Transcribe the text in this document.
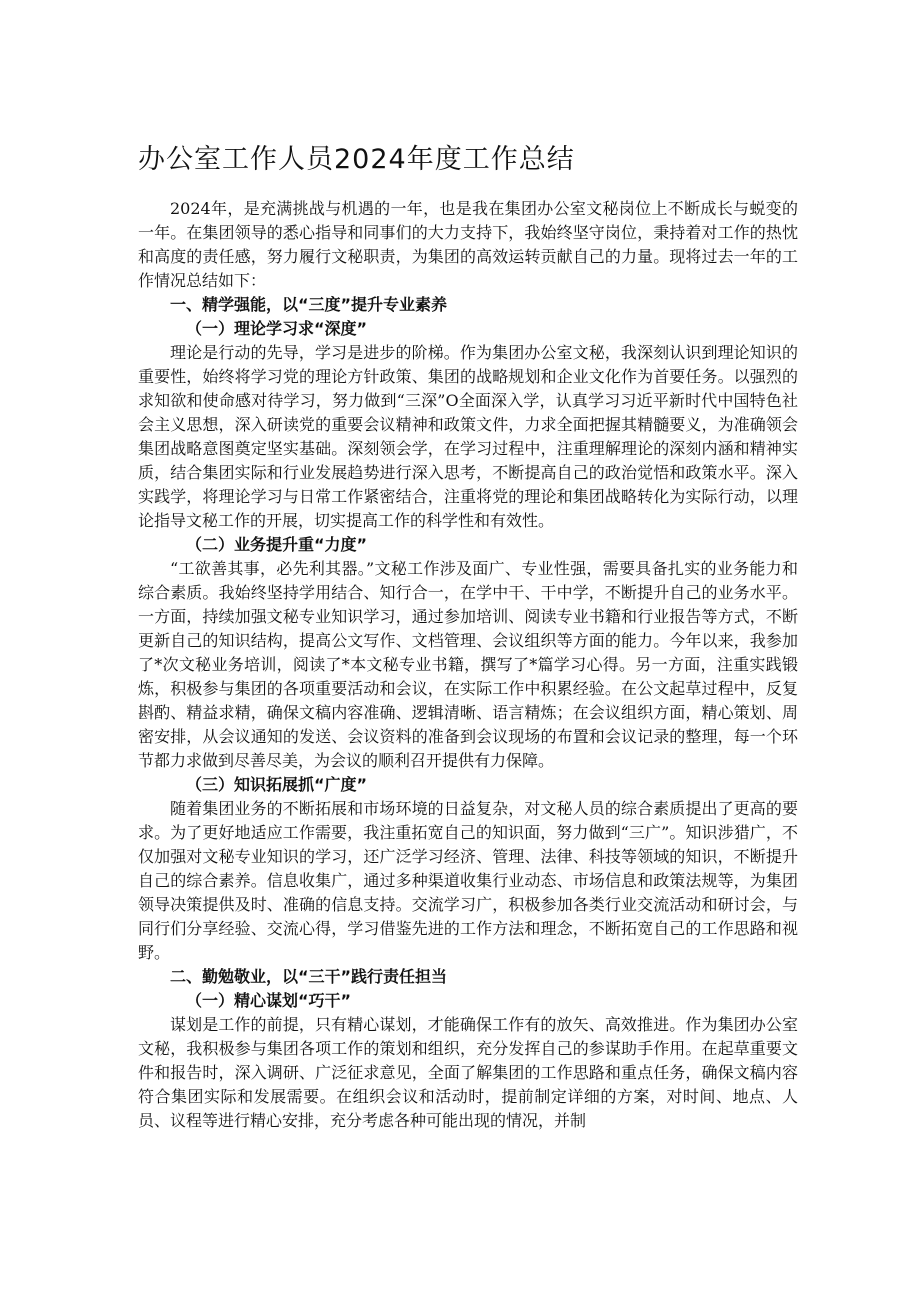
办公室工作人员2024年度工作总结

2024年，是充满挑战与机遇的一年，也是我在集团办公室文秘岗位上不断成长与蜕变的一年。在集团领导的悉心指导和同事们的大力支持下，我始终坚守岗位，秉持着对工作的热忱和高度的责任感，努力履行文秘职责，为集团的高效运转贡献自己的力量。现将过去一年的工作情况总结如下：

一、精学强能，以“三度”提升专业素养
（一）理论学习求“深度”

理论是行动的先导，学习是进步的阶梯。作为集团办公室文秘，我深刻认识到理论知识的重要性，始终将学习党的理论方针政策、集团的战略规划和企业文化作为首要任务。以强烈的求知欲和使命感对待学习，努力做到“三深”O全面深入学，认真学习习近平新时代中国特色社会主义思想，深入研读党的重要会议精神和政策文件，力求全面把握其精髓要义，为准确领会集团战略意图奠定坚实基础。深刻领会学，在学习过程中，注重理解理论的深刻内涵和精神实质，结合集团实际和行业发展趋势进行深入思考，不断提高自己的政治觉悟和政策水平。深入实践学，将理论学习与日常工作紧密结合，注重将党的理论和集团战略转化为实际行动，以理论指导文秘工作的开展，切实提高工作的科学性和有效性。

（二）业务提升重“力度”

“工欲善其事，必先利其器。”文秘工作涉及面广、专业性强，需要具备扎实的业务能力和综合素质。我始终坚持学用结合、知行合一，在学中干、干中学，不断提升自己的业务水平。一方面，持续加强文秘专业知识学习，通过参加培训、阅读专业书籍和行业报告等方式，不断更新自己的知识结构，提高公文写作、文档管理、会议组织等方面的能力。今年以来，我参加了*次文秘业务培训，阅读了*本文秘专业书籍，撰写了*篇学习心得。另一方面，注重实践锻炼，积极参与集团的各项重要活动和会议，在实际工作中积累经验。在公文起草过程中，反复斟酌、精益求精，确保文稿内容准确、逻辑清晰、语言精炼；在会议组织方面，精心策划、周密安排，从会议通知的发送、会议资料的准备到会议现场的布置和会议记录的整理，每一个环节都力求做到尽善尽美，为会议的顺利召开提供有力保障。

（三）知识拓展抓“广度”

随着集团业务的不断拓展和市场环境的日益复杂，对文秘人员的综合素质提出了更高的要求。为了更好地适应工作需要，我注重拓宽自己的知识面，努力做到“三广”。知识涉猎广，不仅加强对文秘专业知识的学习，还广泛学习经济、管理、法律、科技等领域的知识，不断提升自己的综合素养。信息收集广，通过多种渠道收集行业动态、市场信息和政策法规等，为集团领导决策提供及时、准确的信息支持。交流学习广，积极参加各类行业交流活动和研讨会，与同行们分享经验、交流心得，学习借鉴先进的工作方法和理念，不断拓宽自己的工作思路和视野。

二、勤勉敬业，以“三干”践行责任担当
（一）精心谋划“巧干”

谋划是工作的前提，只有精心谋划，才能确保工作有的放矢、高效推进。作为集团办公室文秘，我积极参与集团各项工作的策划和组织，充分发挥自己的参谋助手作用。在起草重要文件和报告时，深入调研、广泛征求意见，全面了解集团的工作思路和重点任务，确保文稿内容符合集团实际和发展需要。在组织会议和活动时，提前制定详细的方案，对时间、地点、人员、议程等进行精心安排，充分考虑各种可能出现的情况，并制
